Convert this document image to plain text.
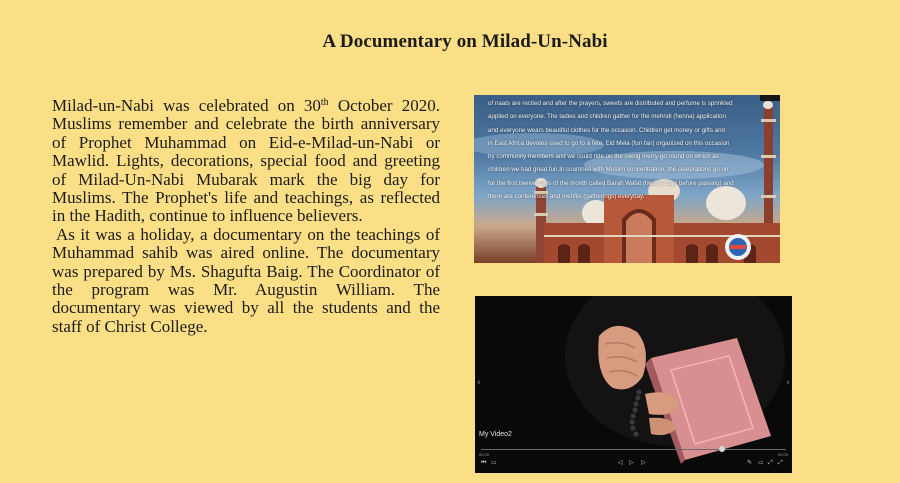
A Documentary on Milad-Un-Nabi

Milad-un-Nabi was celebrated on 30th October 2020. Muslims remember and celebrate the birth anniversary of Prophet Muhammad on Eid-e-Milad-un-Nabi or Mawlid. Lights, decorations, special food and greeting of Milad-Un-Nabi Mubarak mark the big day for Muslims. The Prophet's life and teachings, as reflected in the Hadith, continue to influence believers.

As it was a holiday, a documentary on the teachings of Muhammad sahib was aired online. The documentary was prepared by Ms. Shagufta Baig. The Coordinator of the program was Mr. Augustin William. The documentary was viewed by all the students and the staff of Christ College.

of naats are recited and after the prayers, sweets are distributed and perfume is sprinkled
applied on everyone. The ladies and children gather for the mehndi (henna) application
and everyone wears beautiful clothes for the occasion. Children get money or gifts and
in East Africa devotes used to go to a fete, Eid Mela (fun fair) organized on this occasion
by community members and we could ride on the swing merry-go round on which as
children we had great fun.In countries with Muslim concentration, the celebrations go on
for the first twelve days of the month called Barah Wafat (twelve days before passing) and
there are conferences and mehfils (gatherings) everyday.
‹	›
My Video2
00:00	00:00
⏮ ▭	◁ ▷ ▷	✎ ▭ ⤢ ⤢
